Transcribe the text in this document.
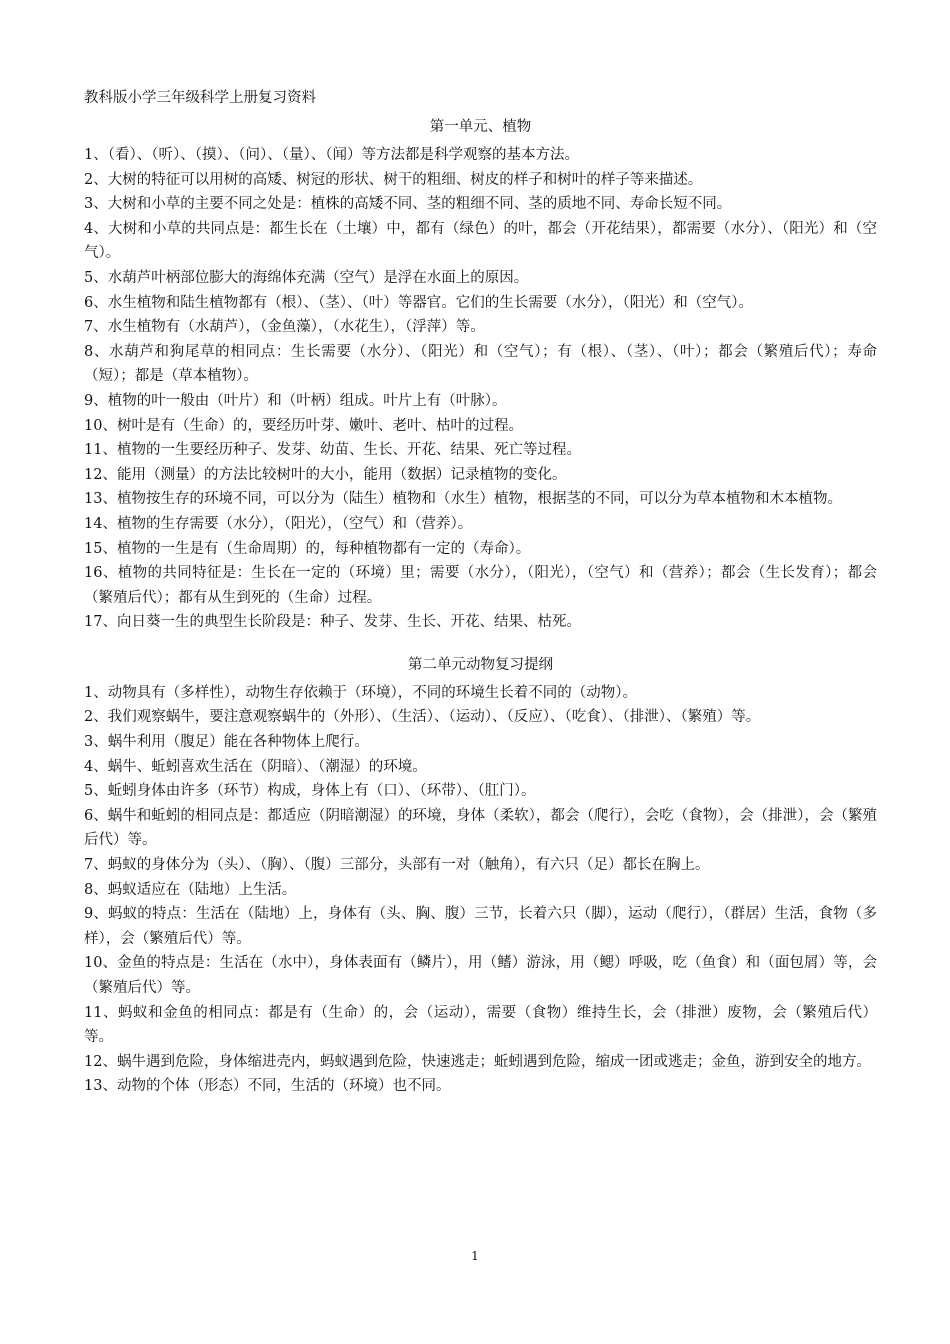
教科版小学三年级科学上册复习资料
第一单元、植物
1、（看）、（听）、（摸）、（问）、（量）、（闻）等方法都是科学观察的基本方法。
2、大树的特征可以用树的高矮、树冠的形状、树干的粗细、树皮的样子和树叶的样子等来描述。
3、大树和小草的主要不同之处是：植株的高矮不同、茎的粗细不同、茎的质地不同、寿命长短不同。
4、大树和小草的共同点是：都生长在（土壤）中，都有（绿色）的叶，都会（开花结果），都需要（水分）、（阳光）和（空气）。
5、水葫芦叶柄部位膨大的海绵体充满（空气）是浮在水面上的原因。
6、水生植物和陆生植物都有（根）、（茎）、（叶）等器官。它们的生长需要（水分），（阳光）和（空气）。
7、水生植物有（水葫芦），（金鱼藻），（水花生），（浮萍）等。
8、水葫芦和狗尾草的相同点：生长需要（水分）、（阳光）和（空气）；有（根）、（茎）、（叶）；都会（繁殖后代）；寿命（短）；都是（草本植物）。
9、植物的叶一般由（叶片）和（叶柄）组成。叶片上有（叶脉）。
10、树叶是有（生命）的，要经历叶芽、嫩叶、老叶、枯叶的过程。
11、植物的一生要经历种子、发芽、幼苗、生长、开花、结果、死亡等过程。
12、能用（测量）的方法比较树叶的大小，能用（数据）记录植物的变化。
13、植物按生存的环境不同，可以分为（陆生）植物和（水生）植物，根据茎的不同，可以分为草本植物和木本植物。
14、植物的生存需要（水分），（阳光），（空气）和（营养）。
15、植物的一生是有（生命周期）的，每种植物都有一定的（寿命）。
16、植物的共同特征是：生长在一定的（环境）里；需要（水分），（阳光），（空气）和（营养）；都会（生长发育）；都会（繁殖后代）；都有从生到死的（生命）过程。
17、向日葵一生的典型生长阶段是：种子、发芽、生长、开花、结果、枯死。
第二单元动物复习提纲
1、动物具有（多样性），动物生存依赖于（环境），不同的环境生长着不同的（动物）。
2、我们观察蜗牛，要注意观察蜗牛的（外形）、（生活）、（运动）、（反应）、（吃食）、（排泄）、（繁殖）等。
3、蜗牛利用（腹足）能在各种物体上爬行。
4、蜗牛、蚯蚓喜欢生活在（阴暗）、（潮湿）的环境。
5、蚯蚓身体由许多（环节）构成，身体上有（口）、（环带）、（肛门）。
6、蜗牛和蚯蚓的相同点是：都适应（阴暗潮湿）的环境，身体（柔软），都会（爬行），会吃（食物），会（排泄），会（繁殖后代）等。
7、蚂蚁的身体分为（头）、（胸）、（腹）三部分，头部有一对（触角），有六只（足）都长在胸上。
8、蚂蚁适应在（陆地）上生活。
9、蚂蚁的特点：生活在（陆地）上，身体有（头、胸、腹）三节，长着六只（脚），运动（爬行），（群居）生活，食物（多样），会（繁殖后代）等。
10、金鱼的特点是：生活在（水中），身体表面有（鳞片），用（鳍）游泳，用（鳃）呼吸，吃（鱼食）和（面包屑）等，会（繁殖后代）等。
11、蚂蚁和金鱼的相同点：都是有（生命）的，会（运动），需要（食物）维持生长，会（排泄）废物，会（繁殖后代）等。
12、蜗牛遇到危险，身体缩进壳内，蚂蚁遇到危险，快速逃走；蚯蚓遇到危险，缩成一团或逃走；金鱼，游到安全的地方。
13、动物的个体（形态）不同，生活的（环境）也不同。
1
